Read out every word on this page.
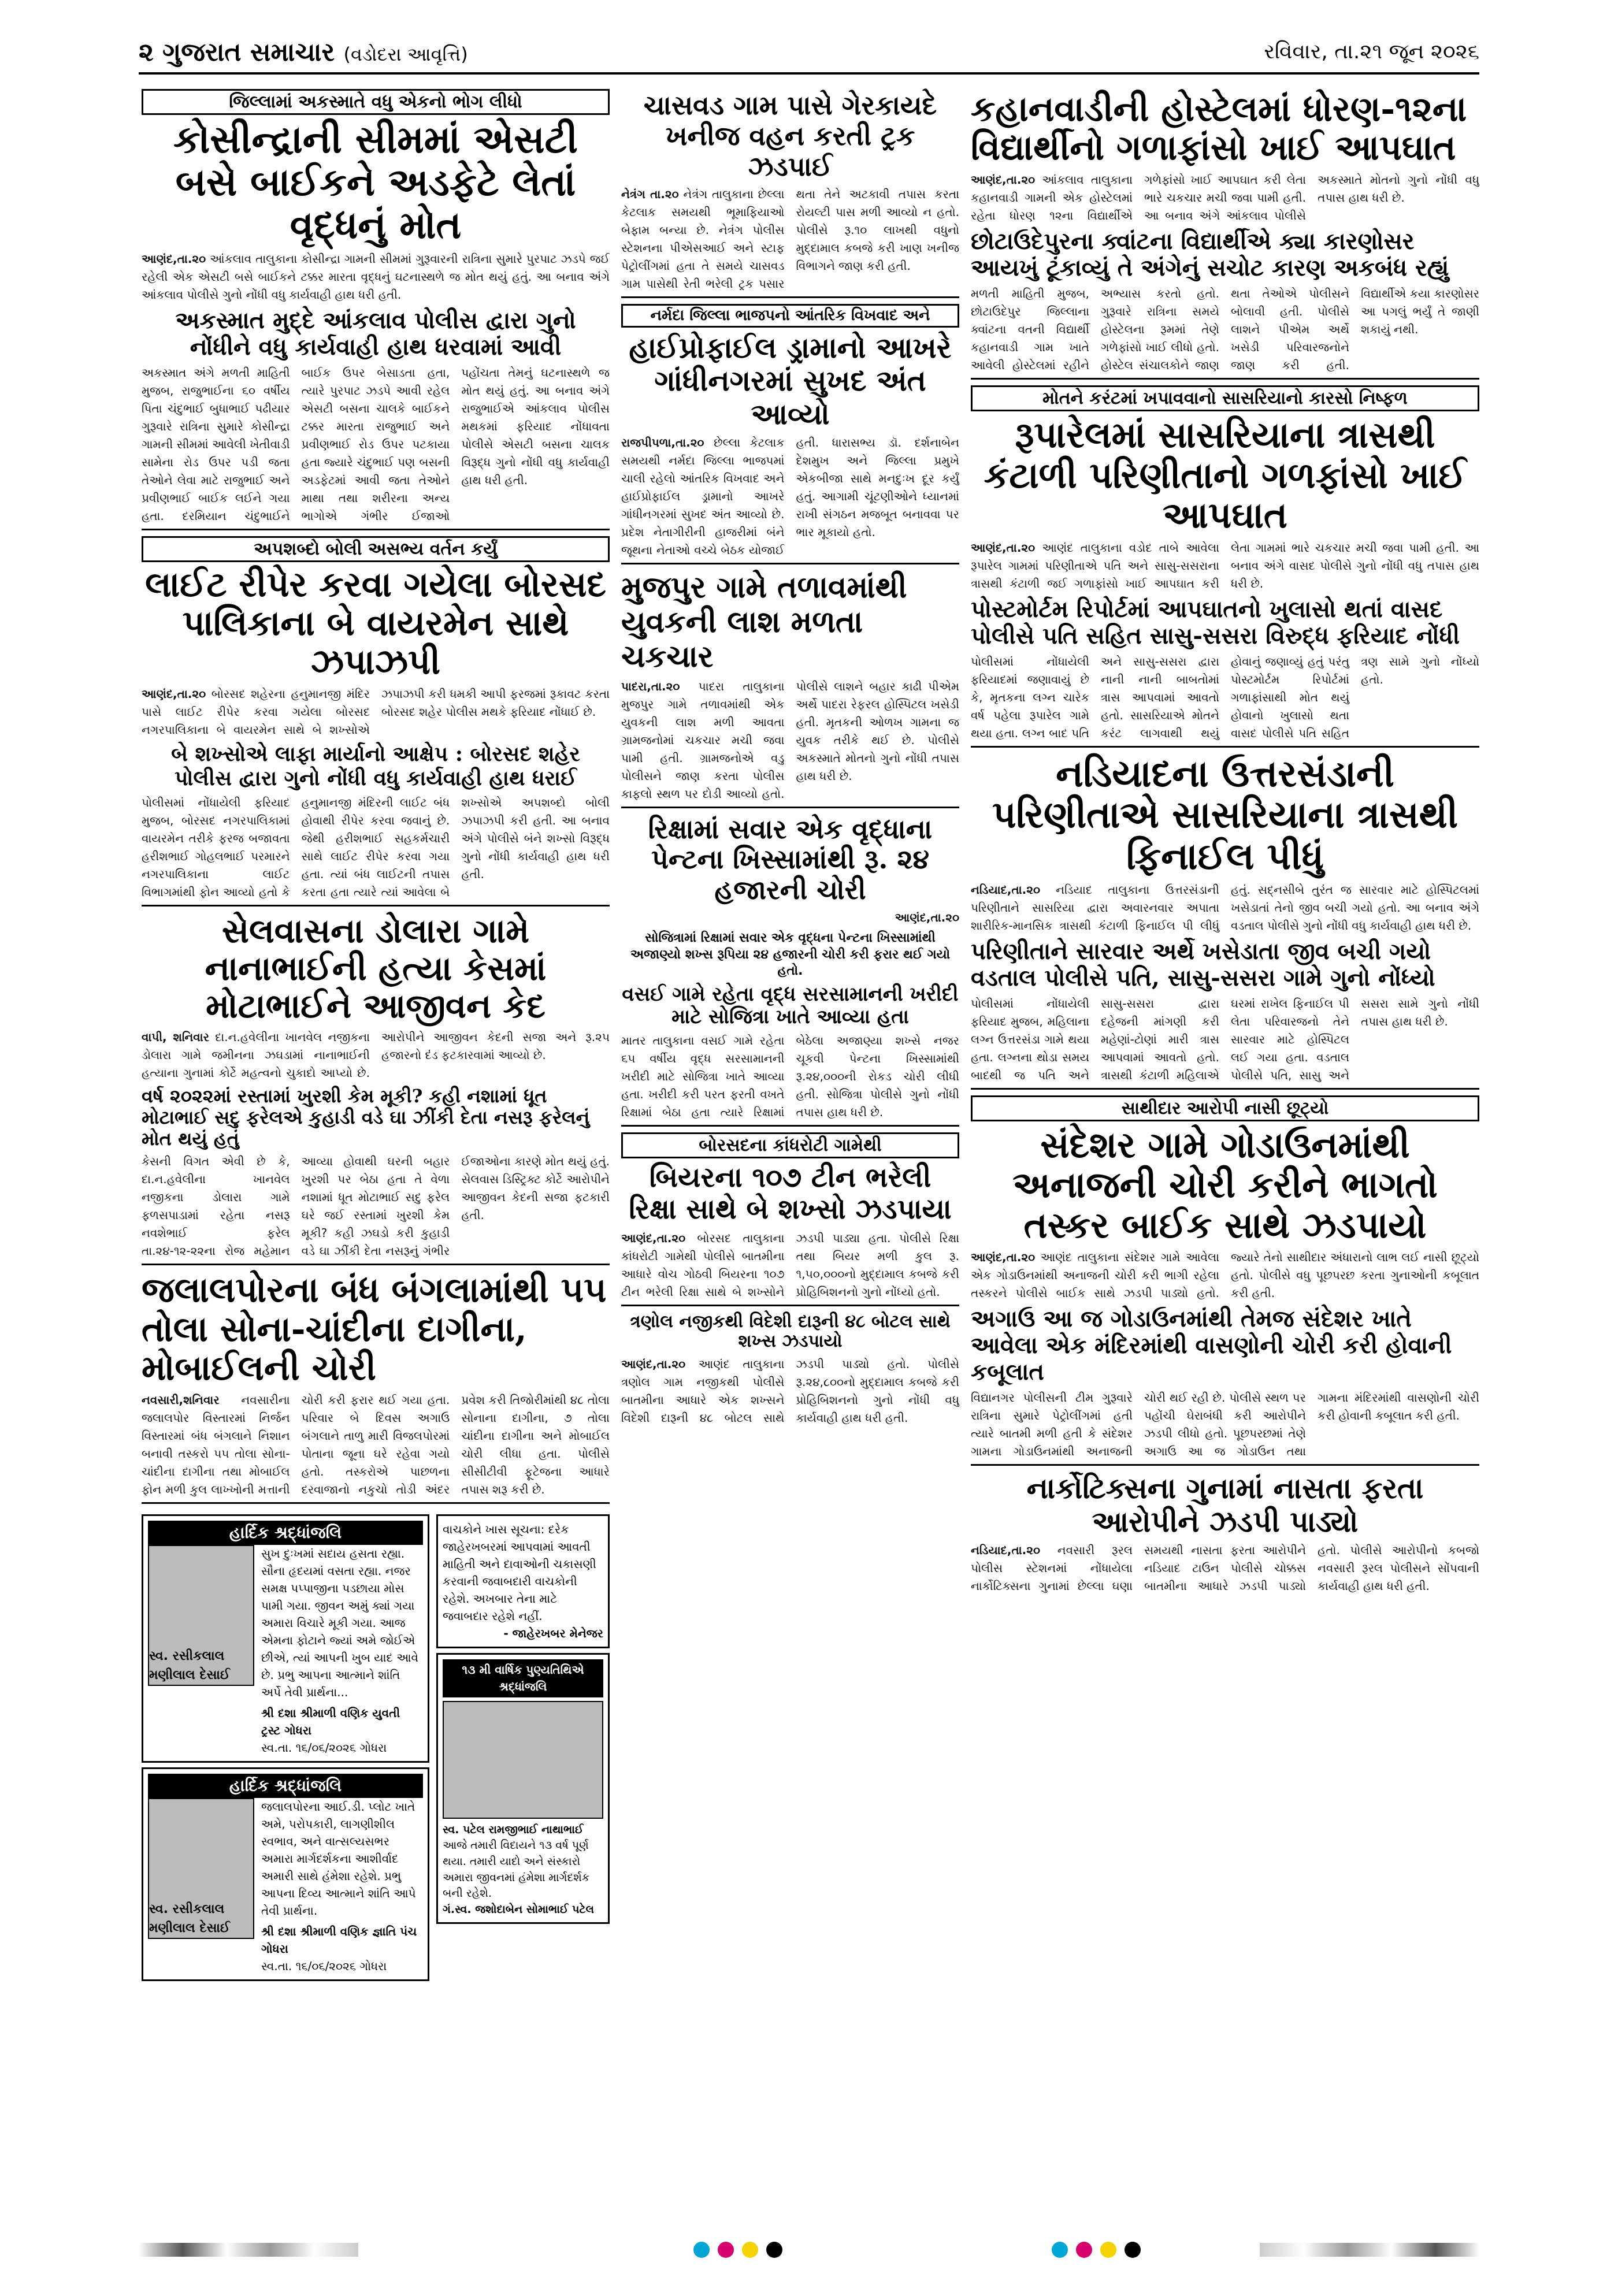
૨ ગુજરાત સમાચાર (વડોદરા આવૃત્તિ)	રવિવાર, તા.૨૧ જૂન ૨૦૨૬
જિલ્લામાં અકસ્માતે વધુ એકનો ભોગ લીધો
કોસીન્દ્રાની સીમમાં એસટી બસે બાઈકને અડફેટે લેતાં વૃદ્ધનું મોત
આણંદ,તા.૨૦ આંકલાવ તાલુકાના કોસીન્દ્રા ગામની સીમમાં ગુરૂવારની રાત્રિના સુમારે પુરપાટ ઝડપે જઈ રહેલી એક એસટી બસે બાઈકને ટક્કર મારતા વૃદ્ધનું ઘટનાસ્થળે જ મોત થયું હતું. આ બનાવ અંગે આંકલાવ પોલીસે ગુનો નોંધી વધુ કાર્યવાહી હાથ ધરી હતી.
અકસ્માત મુદ્દે આંકલાવ પોલીસ દ્વારા ગુનો નોંધીને વધુ કાર્યવાહી હાથ ધરવામાં આવી
અકસ્માત અંગે મળતી માહિતી મુજબ, રાજુભાઈના ૬૦ વર્ષીય પિતા ચંદુભાઈ બુધાભાઈ પઢીયાર ગુરૂવારે રાત્રિના સુમારે કોસીન્દ્રા ગામની સીમમાં આવેલી ખેતીવાડી સામેના રોડ ઉપર પડી જતા તેઓને લેવા માટે રાજુભાઈ અને પ્રવીણભાઈ બાઈક લઈને ગયા હતા. દરમિયાન ચંદુભાઈને બાઈક ઉપર બેસાડતા હતા, ત્યારે પુરપાટ ઝડપે આવી રહેલ એસટી બસના ચાલકે બાઈકને ટક્કર મારતા રાજુભાઈ અને પ્રવીણભાઈ રોડ ઉપર પટકાયા હતા જ્યારે ચંદુભાઈ પણ બસની અડફેટમાં આવી જતા તેઓને માથા તથા શરીરના અન્ય ભાગોએ ગંભીર ઈજાઓ પહોંચતા તેમનું ઘટનાસ્થળે જ મોત થયું હતું. આ બનાવ અંગે રાજુભાઈએ આંકલાવ પોલીસ મથકમાં ફરિયાદ નોંધાવતા પોલીસે એસટી બસના ચાલક વિરૂદ્ધ ગુનો નોંધી વધુ કાર્યવાહી હાથ ધરી હતી.
અપશબ્દો બોલી અસભ્ય વર્તન કર્યું
લાઈટ રીપેર કરવા ગયેલા બોરસદ પાલિકાના બે વાયરમેન સાથે ઝપાઝપી
આણંદ,તા.૨૦ બોરસદ શહેરના હનુમાનજી મંદિર પાસે લાઈટ રીપેર કરવા ગયેલા બોરસદ નગરપાલિકાના બે વાયરમેન સાથે બે શખ્સોએ ઝપાઝપી કરી ધમકી આપી ફરજમાં રૂકાવટ કરતા બોરસદ શહેર પોલીસ મથકે ફરિયાદ નોંધાઈ છે.
બે શખ્સોએ લાફા માર્યાનો આક્ષેપ : બોરસદ શહેર પોલીસ દ્વારા ગુનો નોંધી વધુ કાર્યવાહી હાથ ધરાઈ
પોલીસમાં નોંધાયેલી ફરિયાદ મુજબ, બોરસદ નગરપાલિકામાં વાયરમેન તરીકે ફરજ બજાવતા હરીશભાઈ ગોહલભાઈ પરમારને નગરપાલિકાના લાઈટ વિભાગમાંથી ફોન આવ્યો હતો કે હનુમાનજી મંદિરની લાઈટ બંધ હોવાથી રીપેર કરવા જવાનું છે. જેથી હરીશભાઈ સહકર્મચારી સાથે લાઈટ રીપેર કરવા ગયા હતા. ત્યાં બંધ લાઈટની તપાસ કરતા હતા ત્યારે ત્યાં આવેલા બે શખ્સોએ અપશબ્દો બોલી ઝપાઝપી કરી હતી. આ બનાવ અંગે પોલીસે બંને શખ્સો વિરૂદ્ધ ગુનો નોંધી કાર્યવાહી હાથ ધરી હતી.
સેલવાસના ડોલારા ગામે નાનાભાઈની હત્યા કેસમાં મોટાભાઈને આજીવન કેદ
વાપી, શનિવાર દા.ન.હવેલીના ખાનવેલ નજીકના ડોલારા ગામે જમીનના ઝઘડામાં નાનાભાઈની હત્યાના ગુનામાં કોર્ટે મહત્વનો ચુકાદો આપ્યો છે. આરોપીને આજીવન કેદની સજા અને રૂ.૨૫ હજારનો દંડ ફટકારવામાં આવ્યો છે.
વર્ષ ૨૦૨૨માં રસ્તામાં ખુરશી કેમ મૂકી? કહી નશામાં ધૂત મોટાભાઈ સદુ ફરેલએ કુહાડી વડે ઘા ઝીંકી દેતા નસરૂ ફરેલનું મોત થયું હતું
કેસની વિગત એવી છે કે, દા.ન.હવેલીના ખાનવેલ નજીકના ડોલારા ગામે ફળસપાડામાં રહેતા નસરૂ નવશેભાઈ ફરેલ તા.૨૪-૧૨-૨૨ના રોજ મહેમાન આવ્યા હોવાથી ઘરની બહાર ખુરશી પર બેઠા હતા તે વેળા નશામાં ધૂત મોટાભાઈ સદુ ફરેલ ઘરે જઈ રસ્તામાં ખુરશી કેમ મૂકી? કહી ઝઘડો કરી કુહાડી વડે ઘા ઝીંકી દેતા નસરૂનું ગંભીર ઈજાઓના કારણે મોત થયું હતું. સેલવાસ ડિસ્ટ્રિક્ટ કોર્ટે આરોપીને આજીવન કેદની સજા ફટકારી હતી.
જલાલપોરના બંધ બંગલામાંથી ૫૫ તોલા સોના-ચાંદીના દાગીના, મોબાઈલની ચોરી
નવસારી,શનિવાર નવસારીના જલાલપોર વિસ્તારમાં નિર્જન વિસ્તારમાં બંધ બંગલાને નિશાન બનાવી તસ્કરો ૫૫ તોલા સોના-ચાંદીના દાગીના તથા મોબાઈલ ફોન મળી કુલ લાખ્ખોની મત્તાની ચોરી કરી ફરાર થઈ ગયા હતા. પરિવાર બે દિવસ અગાઉ બંગલાને તાળુ મારી વિજલપોરમાં પોતાના જૂના ઘરે રહેવા ગયો હતો. તસ્કરોએ પાછળના દરવાજાનો નકુચો તોડી અંદર પ્રવેશ કરી તિજોરીમાંથી ૪૮ તોલા સોનાના દાગીના, ૭ તોલા ચાંદીના દાગીના અને મોબાઈલ ચોરી લીધા હતા. પોલીસે સીસીટીવી ફૂટેજના આધારે તપાસ શરૂ કરી છે.
હાર્દિક શ્રદ્ધાંજલિ
સ્વ. રસીકલાલ મણીલાલ દેસાઈ
સુખ દુઃખમાં સદાય હસતા રહ્યા. સૌના હૃદયમાં વસતા રહ્યા. નજર સમક્ષ પપ્પાજીના પડછાયા મોસ પામી ગયા. જીવન અમું ક્યાં ગયા અમારા વિચારે મૂકી ગયા. આજ એમના ફોટાને જ્યાં અમે જોઈએ છીએ, ત્યાં આપની ખુબ યાદ આવે છે. પ્રભુ આપના આત્માને શાંતિ અર્પે તેવી પ્રાર્થના...
શ્રી દશા શ્રીમાળી વણિક યુવતી ટ્રસ્ટ ગોધરા
સ્વ.તા. ૧૬/૦૬/૨૦૨૬ ગોધરા
હાર્દિક શ્રદ્ધાંજલિ
સ્વ. રસીકલાલ મણીલાલ દેસાઈ
જલાલપોરના આઈ.ડી. પ્લોટ ખાતે અમે, પરોપકારી, લાગણીશીલ સ્વભાવ, અને વાત્સલ્યસભર અમારા માર્ગદર્શકના આશીર્વાદ અમારી સાથે હંમેશા રહેશે. પ્રભુ આપના દિવ્ય આત્માને શાંતિ આપે તેવી પ્રાર્થના.
શ્રી દશા શ્રીમાળી વણિક જ્ઞાતિ પંચ ગોધરા
સ્વ.તા. ૧૬/૦૬/૨૦૨૬ ગોધરા
વાચકોને ખાસ સૂચના: દરેક જાહેરખબરમાં આપવામાં આવતી માહિતી અને દાવાઓની ચકાસણી કરવાની જવાબદારી વાચકોની રહેશે. અખબાર તેના માટે જવાબદાર રહેશે નહીં.
- જાહેરખબર મેનેજર
૧૩ મી વાર્ષિક પુણ્યતિથિએ શ્રદ્ધાંજલિ
સ્વ. પટેલ રામજીભાઈ નાથાભાઈ
આજે તમારી વિદાયને ૧૩ વર્ષ પૂર્ણ થયા. તમારી યાદો અને સંસ્કારો અમારા જીવનમાં હંમેશા માર્ગદર્શક બની રહેશે.
ગં.સ્વ. જશોદાબેન સોમાભાઈ પટેલ
ચાસવડ ગામ પાસે ગેરકાયદે ખનીજ વહન કરતી ટ્રક ઝડપાઈ
નેત્રંગ તા.૨૦ નેત્રંગ તાલુકાના છેલ્લા કેટલાક સમયથી ભૂમાફિયાઓ બેફામ બન્યા છે. નેત્રંગ પોલીસ સ્ટેશનના પીએસઆઈ અને સ્ટાફ પેટ્રોલીંગમાં હતા તે સમયે ચાસવડ ગામ પાસેથી રેતી ભરેલી ટ્રક પસાર થતા તેને અટકાવી તપાસ કરતા રોયલ્ટી પાસ મળી આવ્યો ન હતો. પોલીસે રૂ.૧૦ લાખથી વધુનો મુદ્દામાલ કબજે કરી ખાણ ખનીજ વિભાગને જાણ કરી હતી.
નર્મદા જિલ્લા ભાજપનો આંતરિક વિખવાદ અને
હાઈપ્રોફાઈલ ડ્રામાનો આખરે ગાંધીનગરમાં સુખદ અંત આવ્યો
રાજપીપળા,તા.૨૦ છેલ્લા કેટલાક સમયથી નર્મદા જિલ્લા ભાજપમાં ચાલી રહેલો આંતરિક વિખવાદ અને હાઈપ્રોફાઈલ ડ્રામાનો આખરે ગાંધીનગરમાં સુખદ અંત આવ્યો છે. પ્રદેશ નેતાગીરીની હાજરીમાં બંને જૂથના નેતાઓ વચ્ચે બેઠક યોજાઈ હતી. ધારાસભ્ય ડૉ. દર્શનાબેન દેશમુખ અને જિલ્લા પ્રમુખે એકબીજા સાથે મનદુઃખ દૂર કર્યું હતું. આગામી ચૂંટણીઓને ધ્યાનમાં રાખી સંગઠન મજબૂત બનાવવા પર ભાર મૂકાયો હતો.
મુજપુર ગામે તળાવમાંથી યુવકની લાશ મળતા ચકચાર
પાદરા,તા.૨૦ પાદરા તાલુકાના મુજપુર ગામે તળાવમાંથી એક યુવકની લાશ મળી આવતા ગ્રામજનોમાં ચકચાર મચી જવા પામી હતી. ગ્રામજનોએ વડુ પોલીસને જાણ કરતા પોલીસ કાફલો સ્થળ પર દોડી આવ્યો હતો. પોલીસે લાશને બહાર કાઢી પીએમ અર્થે પાદરા રેફરલ હોસ્પિટલ ખસેડી હતી. મૃતકની ઓળખ ગામના જ યુવક તરીકે થઈ છે. પોલીસે અકસ્માતે મોતનો ગુનો નોંધી તપાસ હાથ ધરી છે.
રિક્ષામાં સવાર એક વૃદ્ધાના પેન્ટના ખિસ્સામાંથી રૂ. ૨૪ હજારની ચોરી
આણંદ,તા.૨૦
સોજિત્રામાં રિક્ષામાં સવાર એક વૃદ્ધના પેન્ટના ખિસ્સામાંથી અજાણ્યો શખ્સ રૂપિયા ૨૪ હજારની ચોરી કરી ફરાર થઈ ગયો હતો.
વસઈ ગામે રહેતા વૃદ્ધ સરસામાનની ખરીદી માટે સોજિત્રા ખાતે આવ્યા હતા
માતર તાલુકાના વસઈ ગામે રહેતા ૬૫ વર્ષીય વૃદ્ધ સરસામાનની ખરીદી માટે સોજિત્રા ખાતે આવ્યા હતા. ખરીદી કરી પરત ફરતી વખતે રિક્ષામાં બેઠા હતા ત્યારે રિક્ષામાં બેઠેલા અજાણ્યા શખ્સે નજર ચૂકવી પેન્ટના ખિસ્સામાંથી રૂ.૨૪,૦૦૦ની રોકડ ચોરી લીધી હતી. સોજિત્રા પોલીસે ગુનો નોંધી તપાસ હાથ ધરી છે.
બોરસદના કાંધરોટી ગામેથી
બિયરના ૧૦૭ ટીન ભરેલી રિક્ષા સાથે બે શખ્સો ઝડપાયા
આણંદ,તા.૨૦ બોરસદ તાલુકાના કાંધરોટી ગામેથી પોલીસે બાતમીના આધારે વોચ ગોઠવી બિયરના ૧૦૭ ટીન ભરેલી રિક્ષા સાથે બે શખ્સોને ઝડપી પાડ્યા હતા. પોલીસે રિક્ષા તથા બિયર મળી કુલ રૂ. ૧,૫૦,૦૦૦નો મુદ્દામાલ કબજે કરી પ્રોહિબિશનનો ગુનો નોંધ્યો હતો.
ત્રણોલ નજીકથી વિદેશી દારૂની ૪૮ બોટલ સાથે શખ્સ ઝડપાયો
આણંદ,તા.૨૦ આણંદ તાલુકાના ત્રણોલ ગામ નજીકથી પોલીસે બાતમીના આધારે એક શખ્સને વિદેશી દારૂની ૪૮ બોટલ સાથે ઝડપી પાડ્યો હતો. પોલીસે રૂ.૨૪,૮૦૦નો મુદ્દામાલ કબજે કરી પ્રોહિબિશનનો ગુનો નોંધી વધુ કાર્યવાહી હાથ ધરી હતી.
કહાનવાડીની હોસ્ટેલમાં ધોરણ-૧૨ના વિદ્યાર્થીનો ગળાફાંસો ખાઈ આપઘાત
આણંદ,તા.૨૦ આંકલાવ તાલુકાના કહાનવાડી ગામની એક હોસ્ટેલમાં રહેતા ધોરણ ૧૨ના વિદ્યાર્થીએ ગળેફાંસો ખાઈ આપઘાત કરી લેતા ભારે ચકચાર મચી જવા પામી હતી. આ બનાવ અંગે આંકલાવ પોલીસે અકસ્માતે મોતનો ગુનો નોંધી વધુ તપાસ હાથ ધરી છે.
છોટાઉદેપુરના ક્વાંટના વિદ્યાર્થીએ ક્યા કારણોસર આયખું ટૂંકાવ્યું તે અંગેનું સચોટ કારણ અકબંધ રહ્યું
મળતી માહિતી મુજબ, છોટાઉદેપુર જિલ્લાના ક્વાંટના વતની વિદ્યાર્થી કહાનવાડી ગામ ખાતે આવેલી હોસ્ટેલમાં રહીને અભ્યાસ કરતો હતો. ગુરૂવારે રાત્રિના સમયે હોસ્ટેલના રૂમમાં તેણે ગળેફાંસો ખાઈ લીધો હતો. હોસ્ટેલ સંચાલકોને જાણ થતા તેઓએ પોલીસને બોલાવી હતી. પોલીસે લાશને પીએમ અર્થે ખસેડી પરિવારજનોને જાણ કરી હતી. વિદ્યાર્થીએ કયા કારણોસર આ પગલું ભર્યું તે જાણી શકાયું નથી.
મોતને કરંટમાં ખપાવવાનો સાસરિયાનો કારસો નિષ્ફળ
રૂપારેલમાં સાસરિયાના ત્રાસથી કંટાળી પરિણીતાનો ગળફાંસો ખાઈ આપઘાત
આણંદ,તા.૨૦ આણંદ તાલુકાના વડોદ તાબે આવેલા રૂપારેલ ગામમાં પરિણીતાએ પતિ અને સાસુ-સસરાના ત્રાસથી કંટાળી જઈ ગળાફાંસો ખાઈ આપઘાત કરી લેતા ગામમાં ભારે ચકચાર મચી જવા પામી હતી. આ બનાવ અંગે વાસદ પોલીસે ગુનો નોંધી વધુ તપાસ હાથ ધરી છે.
પોસ્ટમોર્ટમ રિપોર્ટમાં આપઘાતનો ખુલાસો થતાં વાસદ પોલીસે પતિ સહિત સાસુ-સસરા વિરુદ્ધ ફરિયાદ નોંધી
પોલીસમાં નોંધાયેલી ફરિયાદમાં જણાવાયું છે કે, મૃતકના લગ્ન ચારેક વર્ષ પહેલા રૂપારેલ ગામે થયા હતા. લગ્ન બાદ પતિ અને સાસુ-સસરા દ્વારા નાની નાની બાબતોમાં ત્રાસ આપવામાં આવતો હતો. સાસરિયાએ મોતને કરંટ લાગવાથી થયું હોવાનું જણાવ્યું હતું પરંતુ પોસ્ટમોર્ટમ રિપોર્ટમાં ગળાફાંસાથી મોત થયું હોવાનો ખુલાસો થતા વાસદ પોલીસે પતિ સહિત ત્રણ સામે ગુનો નોંધ્યો હતો.
નડિયાદના ઉત્તરસંડાની પરિણીતાએ સાસરિયાના ત્રાસથી ફિનાઈલ પીધું
નડિયાદ,તા.૨૦ નડિયાદ તાલુકાના ઉત્તરસંડાની પરિણીતાને સાસરિયા દ્વારા અવારનવાર અપાતા શારીરિક-માનસિક ત્રાસથી કંટાળી ફિનાઈલ પી લીધું હતું. સદ્નસીબે તુરંત જ સારવાર માટે હોસ્પિટલમાં ખસેડાતાં તેનો જીવ બચી ગયો હતો. આ બનાવ અંગે વડતાલ પોલીસે ગુનો નોંધી વધુ કાર્યવાહી હાથ ધરી છે.
પરિણીતાને સારવાર અર્થે ખસેડાતા જીવ બચી ગયો વડતાલ પોલીસે પતિ, સાસુ-સસરા ગામે ગુનો નોંધ્યો
પોલીસમાં નોંધાયેલી ફરિયાદ મુજબ, મહિલાના લગ્ન ઉત્તરસંડા ગામે થયા હતા. લગ્નના થોડા સમય બાદથી જ પતિ અને સાસુ-સસરા દ્વારા દહેજની માંગણી કરી મહેણાં-ટોણાં મારી ત્રાસ આપવામાં આવતો હતો. ત્રાસથી કંટાળી મહિલાએ ઘરમાં રાખેલ ફિનાઈલ પી લેતા પરિવારજનો તેને સારવાર માટે હોસ્પિટલ લઈ ગયા હતા. વડતાલ પોલીસે પતિ, સાસુ અને સસરા સામે ગુનો નોંધી તપાસ હાથ ધરી છે.
સાથીદાર આરોપી નાસી છૂટ્યો
સંદેશર ગામે ગોડાઉનમાંથી અનાજની ચોરી કરીને ભાગતો તસ્કર બાઈક સાથે ઝડપાયો
આણંદ,તા.૨૦ આણંદ તાલુકાના સંદેશર ગામે આવેલા એક ગોડાઉનમાંથી અનાજની ચોરી કરી ભાગી રહેલા તસ્કરને પોલીસે બાઈક સાથે ઝડપી પાડ્યો હતો. જ્યારે તેનો સાથીદાર અંધારાનો લાભ લઈ નાસી છૂટ્યો હતો. પોલીસે વધુ પૂછપરછ કરતા ગુનાઓની કબૂલાત કરી હતી.
અગાઉ આ જ ગોડાઉનમાંથી તેમજ સંદેશર ખાતે આવેલા એક મંદિરમાંથી વાસણોની ચોરી કરી હોવાની કબૂલાત
વિદ્યાનગર પોલીસની ટીમ ગુરૂવારે રાત્રિના સુમારે પેટ્રોલીંગમાં હતી ત્યારે બાતમી મળી હતી કે સંદેશર ગામના ગોડાઉનમાંથી અનાજની ચોરી થઈ રહી છે. પોલીસે સ્થળ પર પહોંચી ઘેરાબંધી કરી આરોપીને ઝડપી લીધો હતો. પૂછપરછમાં તેણે અગાઉ આ જ ગોડાઉન તથા ગામના મંદિરમાંથી વાસણોની ચોરી કરી હોવાની કબૂલાત કરી હતી.
નાર્કોટિક્સના ગુનામાં નાસતા ફરતા આરોપીને ઝડપી પાડ્યો
નડિયાદ,તા.૨૦ નવસારી રૂરલ પોલીસ સ્ટેશનમાં નોંધાયેલા નાર્કોટિક્સના ગુનામાં છેલ્લા ઘણા સમયથી નાસતા ફરતા આરોપીને નડિયાદ ટાઉન પોલીસે ચોક્કસ બાતમીના આધારે ઝડપી પાડ્યો હતો. પોલીસે આરોપીનો કબજો નવસારી રૂરલ પોલીસને સોંપવાની કાર્યવાહી હાથ ધરી હતી.
